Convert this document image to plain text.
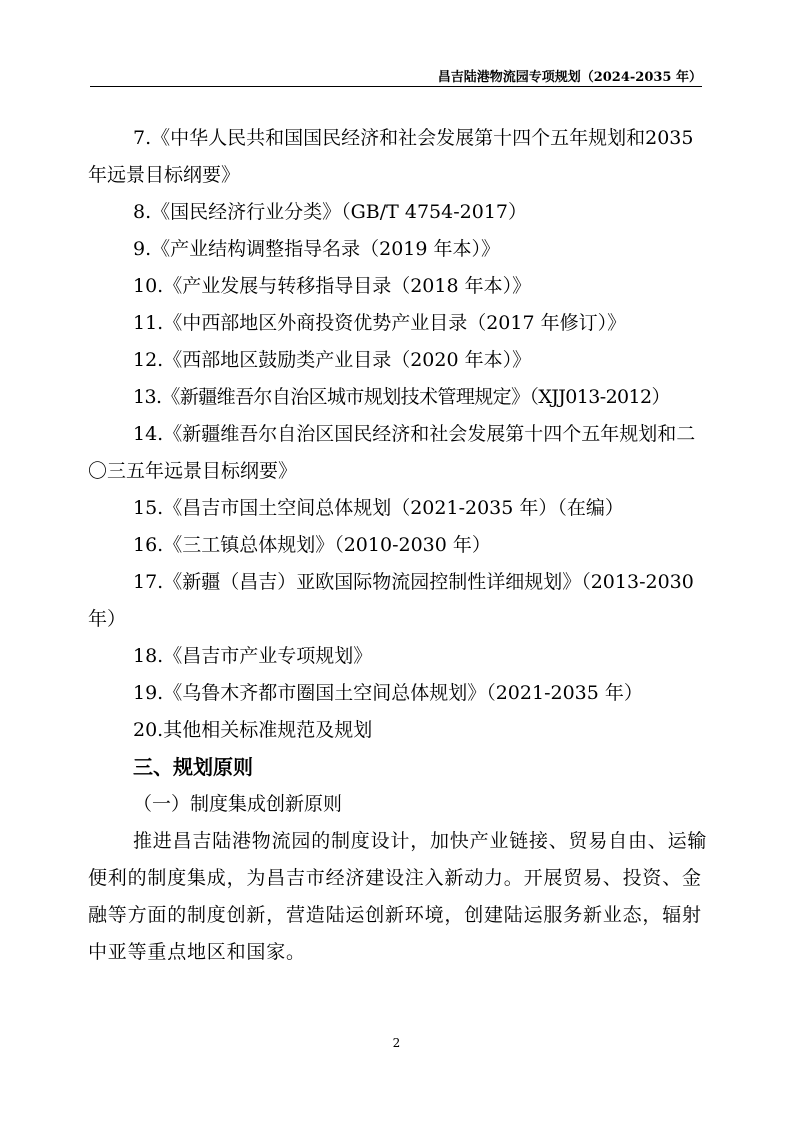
昌吉陆港物流园专项规划（2024-2035 年）

7.《中华人民共和国国民经济和社会发展第十四个五年规划和2035 年远景目标纲要》

8.《国民经济行业分类》（GB/T 4754-2017）

9.《产业结构调整指导名录（2019 年本）》

10.《产业发展与转移指导目录（2018 年本）》

11.《中西部地区外商投资优势产业目录（2017 年修订）》

12.《西部地区鼓励类产业目录（2020 年本）》

13.《新疆维吾尔自治区城市规划技术管理规定》（XJJ013-2012）

14.《新疆维吾尔自治区国民经济和社会发展第十四个五年规划和二〇三五年远景目标纲要》

15.《昌吉市国土空间总体规划（2021-2035 年）（在编）

16.《三工镇总体规划》（2010-2030 年）

17.《新疆（昌吉）亚欧国际物流园控制性详细规划》（2013-2030年）

18.《昌吉市产业专项规划》

19.《乌鲁木齐都市圈国土空间总体规划》（2021-2035 年）

20.其他相关标准规范及规划

三、规划原则

（一）制度集成创新原则

推进昌吉陆港物流园的制度设计，加快产业链接、贸易自由、运输便利的制度集成，为昌吉市经济建设注入新动力。开展贸易、投资、金融等方面的制度创新，营造陆运创新环境，创建陆运服务新业态，辐射中亚等重点地区和国家。

2
